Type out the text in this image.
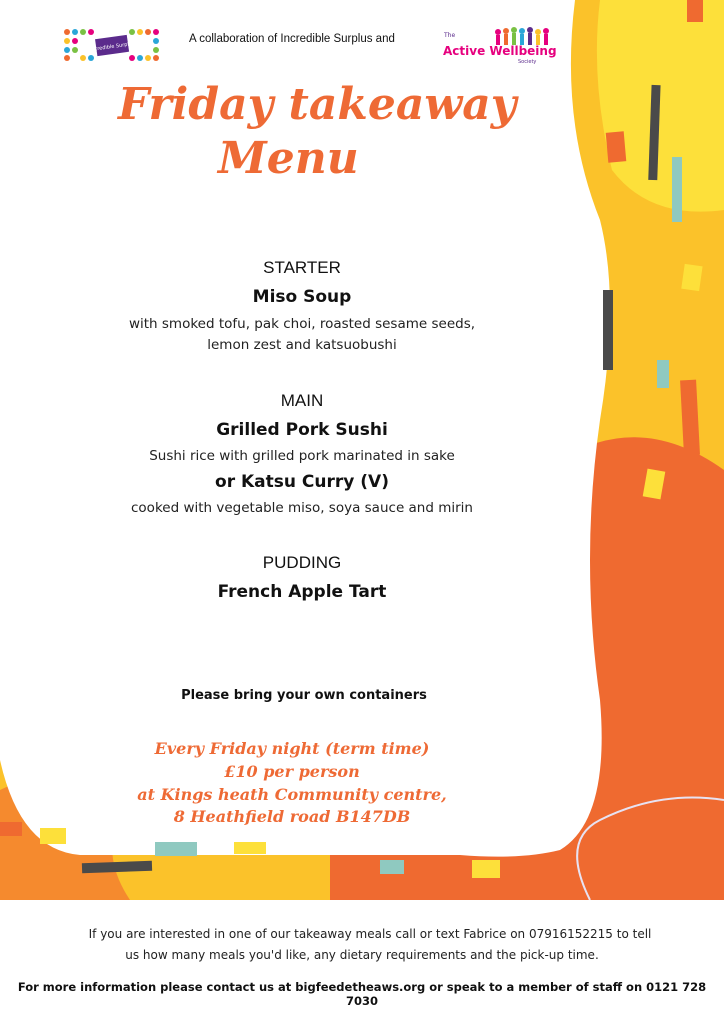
Incredible Surplus
A collaboration of Incredible Surplus and	The
Active Wellbeing
Society
Friday takeaway
Menu
STARTER
Miso Soup
with smoked tofu, pak choi, roasted sesame seeds,
lemon zest and katsuobushi
MAIN
Grilled Pork Sushi
Sushi rice with grilled pork marinated in sake
or Katsu Curry (V)
cooked with vegetable miso, soya sauce and mirin
PUDDING
French Apple Tart
Please bring your own containers
Every Friday night (term time)
£10 per person
at Kings heath Community centre,
8 Heathfield road B147DB
If you are interested in one of our takeaway meals call or text Fabrice on 07916152215 to tell
us how many meals you'd like, any dietary requirements and the pick-up time.
For more information please contact us at bigfeedetheaws.org or speak to a member of staff on 0121 728 7030
